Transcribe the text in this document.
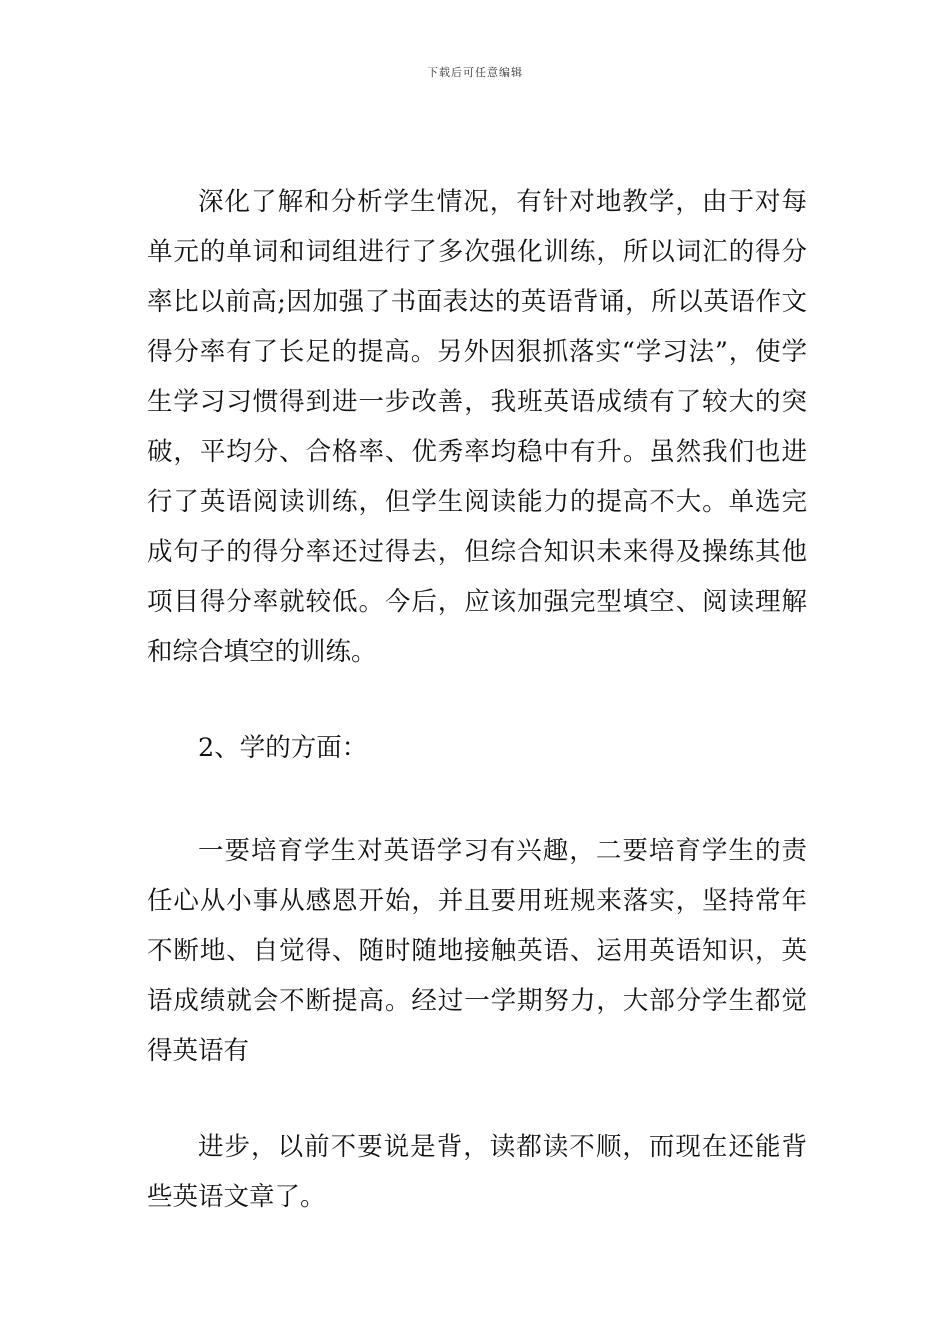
下载后可任意编辑

深化了解和分析学生情况，有针对地教学，由于对每单元的单词和词组进行了多次强化训练，所以词汇的得分率比以前高;因加强了书面表达的英语背诵，所以英语作文得分率有了长足的提高。另外因狠抓落实“学习法”，使学生学习习惯得到进一步改善，我班英语成绩有了较大的突破，平均分、合格率、优秀率均稳中有升。虽然我们也进行了英语阅读训练，但学生阅读能力的提高不大。单选完成句子的得分率还过得去，但综合知识未来得及操练其他项目得分率就较低。今后，应该加强完型填空、阅读理解和综合填空的训练。

2、学的方面：

一要培育学生对英语学习有兴趣，二要培育学生的责任心从小事从感恩开始，并且要用班规来落实，坚持常年不断地、自觉得、随时随地接触英语、运用英语知识，英语成绩就会不断提高。经过一学期努力，大部分学生都觉得英语有

进步，以前不要说是背，读都读不顺，而现在还能背些英语文章了。
